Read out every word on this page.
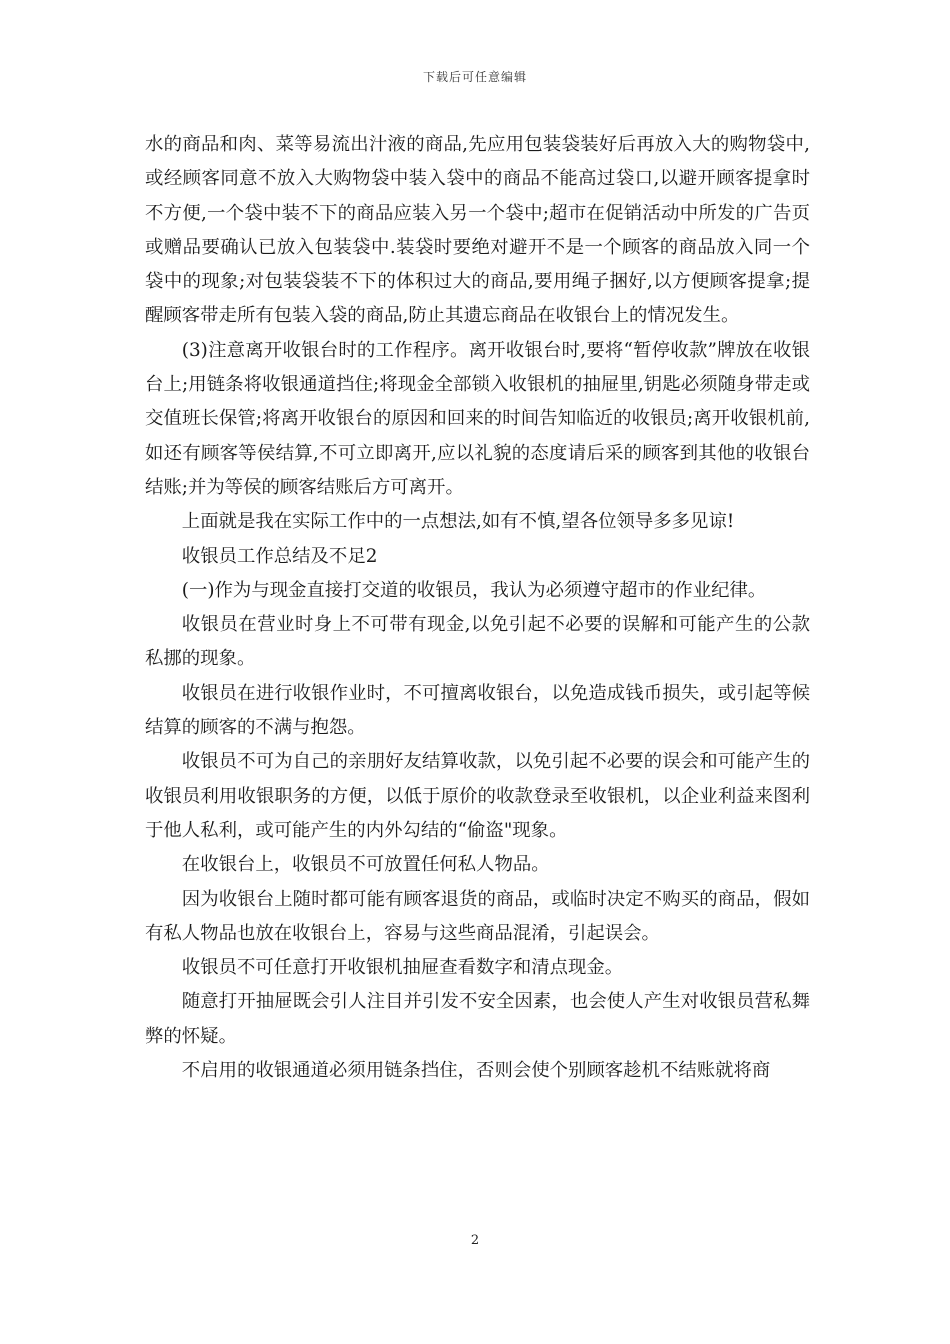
下载后可任意编辑

水的商品和肉、菜等易流出汁液的商品,先应用包装袋装好后再放入大的购物袋中,或经顾客同意不放入大购物袋中装入袋中的商品不能高过袋口,以避开顾客提拿时不方便,一个袋中装不下的商品应装入另一个袋中;超市在促销活动中所发的广告页或赠品要确认已放入包装袋中.装袋时要绝对避开不是一个顾客的商品放入同一个袋中的现象;对包装袋装不下的体积过大的商品,要用绳子捆好,以方便顾客提拿;提醒顾客带走所有包装入袋的商品,防止其遗忘商品在收银台上的情况发生。

(3)注意离开收银台时的工作程序。离开收银台时,要将“暂停收款”牌放在收银台上;用链条将收银通道挡住;将现金全部锁入收银机的抽屉里,钥匙必须随身带走或交值班长保管;将离开收银台的原因和回来的时间告知临近的收银员;离开收银机前,如还有顾客等侯结算,不可立即离开,应以礼貌的态度请后采的顾客到其他的收银台结账;并为等侯的顾客结账后方可离开。

上面就是我在实际工作中的一点想法,如有不慎,望各位领导多多见谅!

收银员工作总结及不足2

(一)作为与现金直接打交道的收银员，我认为必须遵守超市的作业纪律。

收银员在营业时身上不可带有现金,以免引起不必要的误解和可能产生的公款私挪的现象。

收银员在进行收银作业时，不可擅离收银台，以免造成钱币损失，或引起等候结算的顾客的不满与抱怨。

收银员不可为自己的亲朋好友结算收款，以免引起不必要的误会和可能产生的收银员利用收银职务的方便，以低于原价的收款登录至收银机，以企业利益来图利于他人私利，或可能产生的内外勾结的“偷盗"现象。

在收银台上，收银员不可放置任何私人物品。

因为收银台上随时都可能有顾客退货的商品，或临时决定不购买的商品，假如有私人物品也放在收银台上，容易与这些商品混淆，引起误会。

收银员不可任意打开收银机抽屉查看数字和清点现金。

随意打开抽屉既会引人注目并引发不安全因素，也会使人产生对收银员营私舞弊的怀疑。

不启用的收银通道必须用链条挡住，否则会使个别顾客趁机不结账就将商

2
